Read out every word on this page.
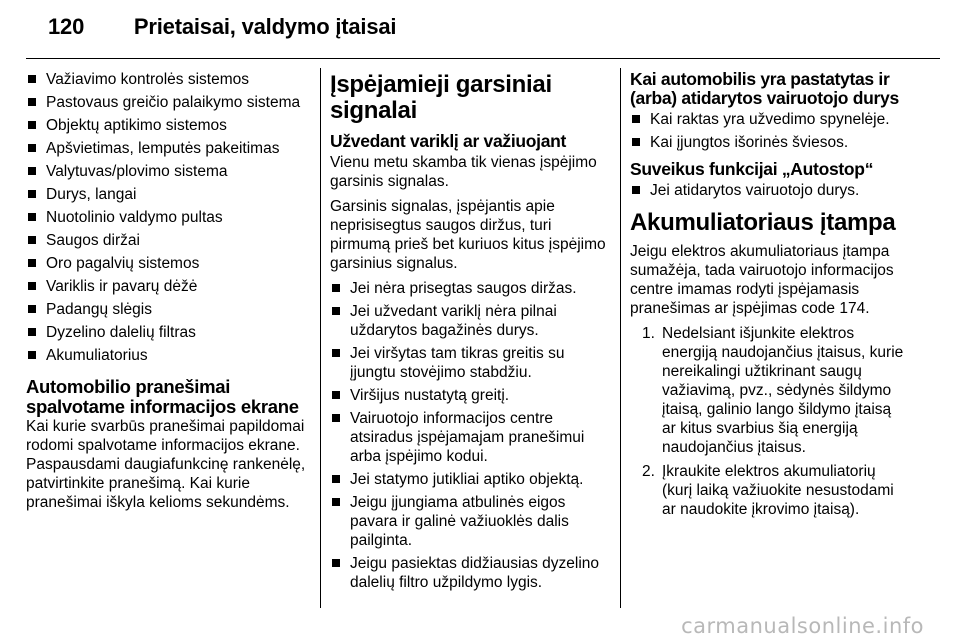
120 Prietaisai, valdymo įtaisai
Važiavimo kontrolės sistemos
Pastovaus greičio palaikymo sistema
Objektų aptikimo sistemos
Apšvietimas, lemputės pakeitimas
Valytuvas/plovimo sistema
Durys, langai
Nuotolinio valdymo pultas
Saugos diržai
Oro pagalvių sistemos
Variklis ir pavarų dėžė
Padangų slėgis
Dyzelino dalelių filtras
Akumuliatorius
Automobilio pranešimai spalvotame informacijos ekrane

Kai kurie svarbūs pranešimai papildomai rodomi spalvotame informacijos ekrane. Paspausdami daugiafunkcinę rankenėlę, patvirtinkite pranešimą. Kai kurie pranešimai iškyla kelioms sekundėms.

Įspėjamieji garsiniai signalai
Užvedant variklį ar važiuojant

Vienu metu skamba tik vienas įspėjimo garsinis signalas.

Garsinis signalas, įspėjantis apie neprisisegtus saugos diržus, turi pirmumą prieš bet kuriuos kitus įspėjimo garsinius signalus.

Jei nėra prisegtas saugos diržas.
Jei užvedant variklį nėra pilnai uždarytos bagažinės durys.
Jei viršytas tam tikras greitis su įjungtu stovėjimo stabdžiu.
Viršijus nustatytą greitį.
Vairuotojo informacijos centre atsiradus įspėjamajam pranešimui arba įspėjimo kodui.
Jei statymo jutikliai aptiko objektą.
Jeigu įjungiama atbulinės eigos pavara ir galinė važiuoklės dalis pailginta.
Jeigu pasiektas didžiausias dyzelino dalelių filtro užpildymo lygis.
Kai automobilis yra pastatytas ir (arba) atidarytos vairuotojo durys
Kai raktas yra užvedimo spynelėje.
Kai įjungtos išorinės šviesos.
Suveikus funkcijai „Autostop“
Jei atidarytos vairuotojo durys.
Akumuliatoriaus įtampa

Jeigu elektros akumuliatoriaus įtampa sumažėja, tada vairuotojo informacijos centre imamas rodyti įspėjamasis pranešimas ar įspėjimas code 174.

1. Nedelsiant išjunkite elektros energiją naudojančius įtaisus, kurie nereikalingi užtikrinant saugų važiavimą, pvz., sėdynės šildymo įtaisą, galinio lango šildymo įtaisą ar kitus svarbius šią energiją naudojančius įtaisus.
2. Įkraukite elektros akumuliatorių (kurį laiką važiuokite nesustodami ar naudokite įkrovimo įtaisą).
carmanualsonline.info
